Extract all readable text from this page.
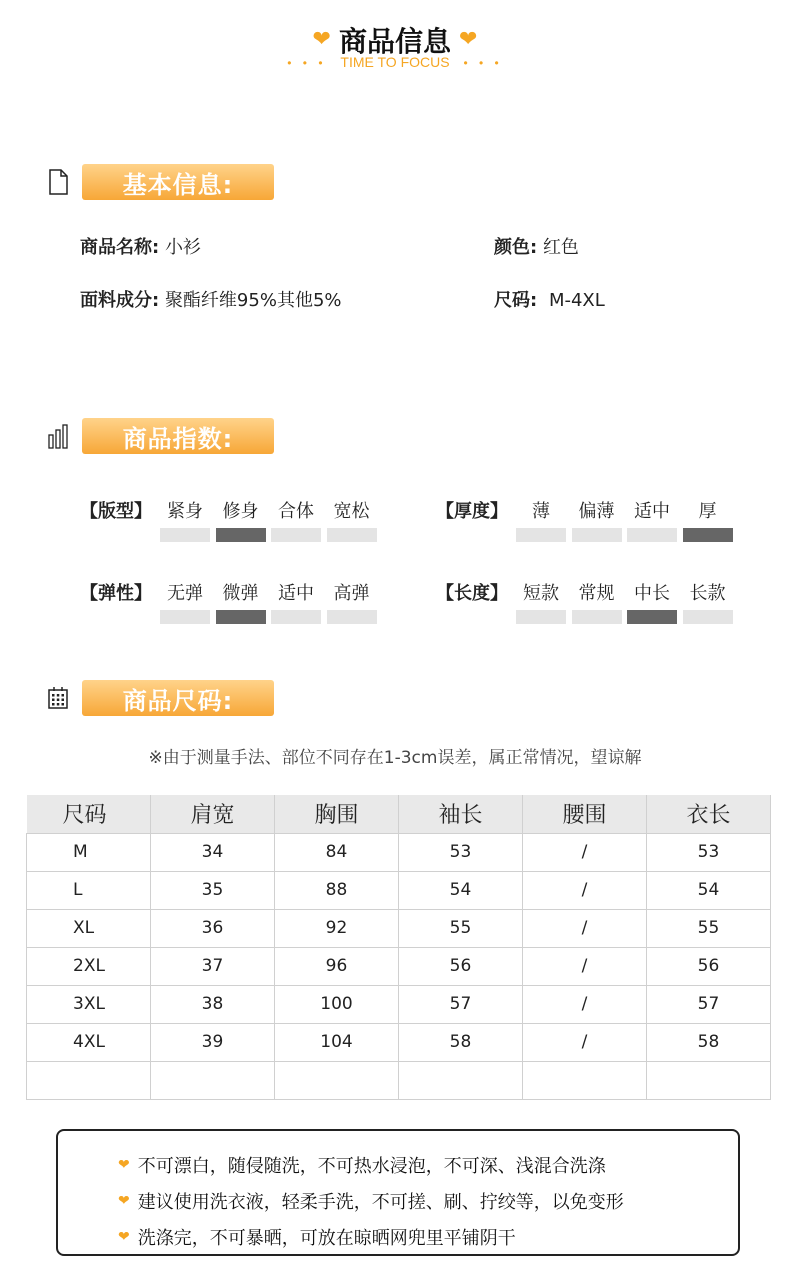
❤ 商品信息 ❤
• • • TIME TO FOCUS • • •
基本信息:
商品名称: 小衫	颜色: 红色
面料成分: 聚酯纤维95%其他5%	尺码: M-4XL
商品指数:
【版型】 紧身	修身	合体	宽松	【厚度】	薄	偏薄	适中	厚
【弹性】 无弹	微弹	适中	高弹	【长度】 短款	常规	中长	长款
商品尺码:
※由于测量手法、部位不同存在1-3cm误差，属正常情况，望谅解
尺码	肩宽	胸围	袖长	腰围	衣长
M	34	84	53	/	53
L	35	88	54	/	54
XL	36	92	55	/	55
2XL	37	96	56	/	56
3XL	38	100	57	/	57
4XL	39	104	58	/	58

❤ 不可漂白，随侵随洗，不可热水浸泡，不可深、浅混合洗涤
❤ 建议使用洗衣液，轻柔手洗，不可搓、刷、拧绞等，以免变形
❤ 洗涤完，不可暴晒，可放在晾晒网兜里平铺阴干
